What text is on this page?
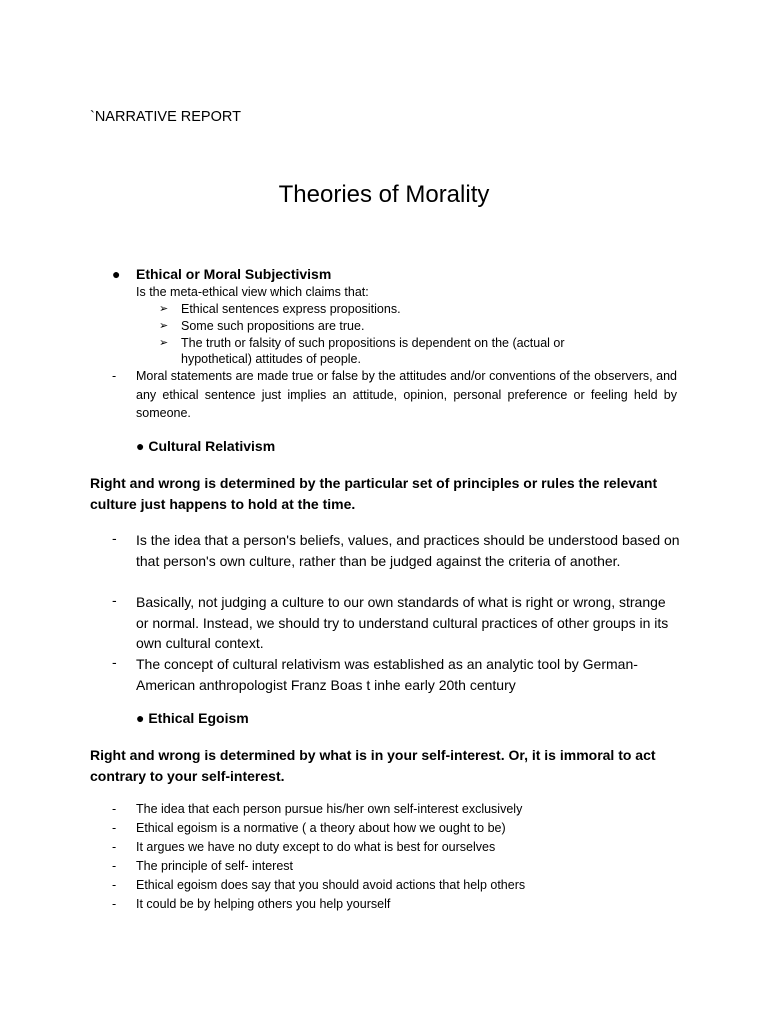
`NARRATIVE REPORT
Theories of Morality
● Ethical or Moral Subjectivism
Is the meta-ethical view which claims that:
➢ Ethical sentences express propositions.
➢ Some such propositions are true.
➢ The truth or falsity of such propositions is dependent on the (actual or
hypothetical) attitudes of people.
- Moral statements are made true or false by the attitudes and/or conventions of the observers, and any ethical sentence just implies an attitude, opinion, personal preference or feeling held by someone.
● Cultural Relativism
Right and wrong is determined by the particular set of principles or rules the relevant culture just happens to hold at the time.
- Is the idea that a person's beliefs, values, and practices should be understood based on that person's own culture, rather than be judged against the criteria of another.
- Basically, not judging a culture to our own standards of what is right or wrong, strange or normal. Instead, we should try to understand cultural practices of other groups in its own cultural context.
- The concept of cultural relativism was established as an analytic tool by German-American anthropologist Franz Boas t inhe early 20th century
● Ethical Egoism
Right and wrong is determined by what is in your self-interest. Or, it is immoral to act contrary to your self-interest.
- The idea that each person pursue his/her own self-interest exclusively
- Ethical egoism is a normative ( a theory about how we ought to be)
- It argues we have no duty except to do what is best for ourselves
- The principle of self- interest
- Ethical egoism does say that you should avoid actions that help others
- It could be by helping others you help yourself
